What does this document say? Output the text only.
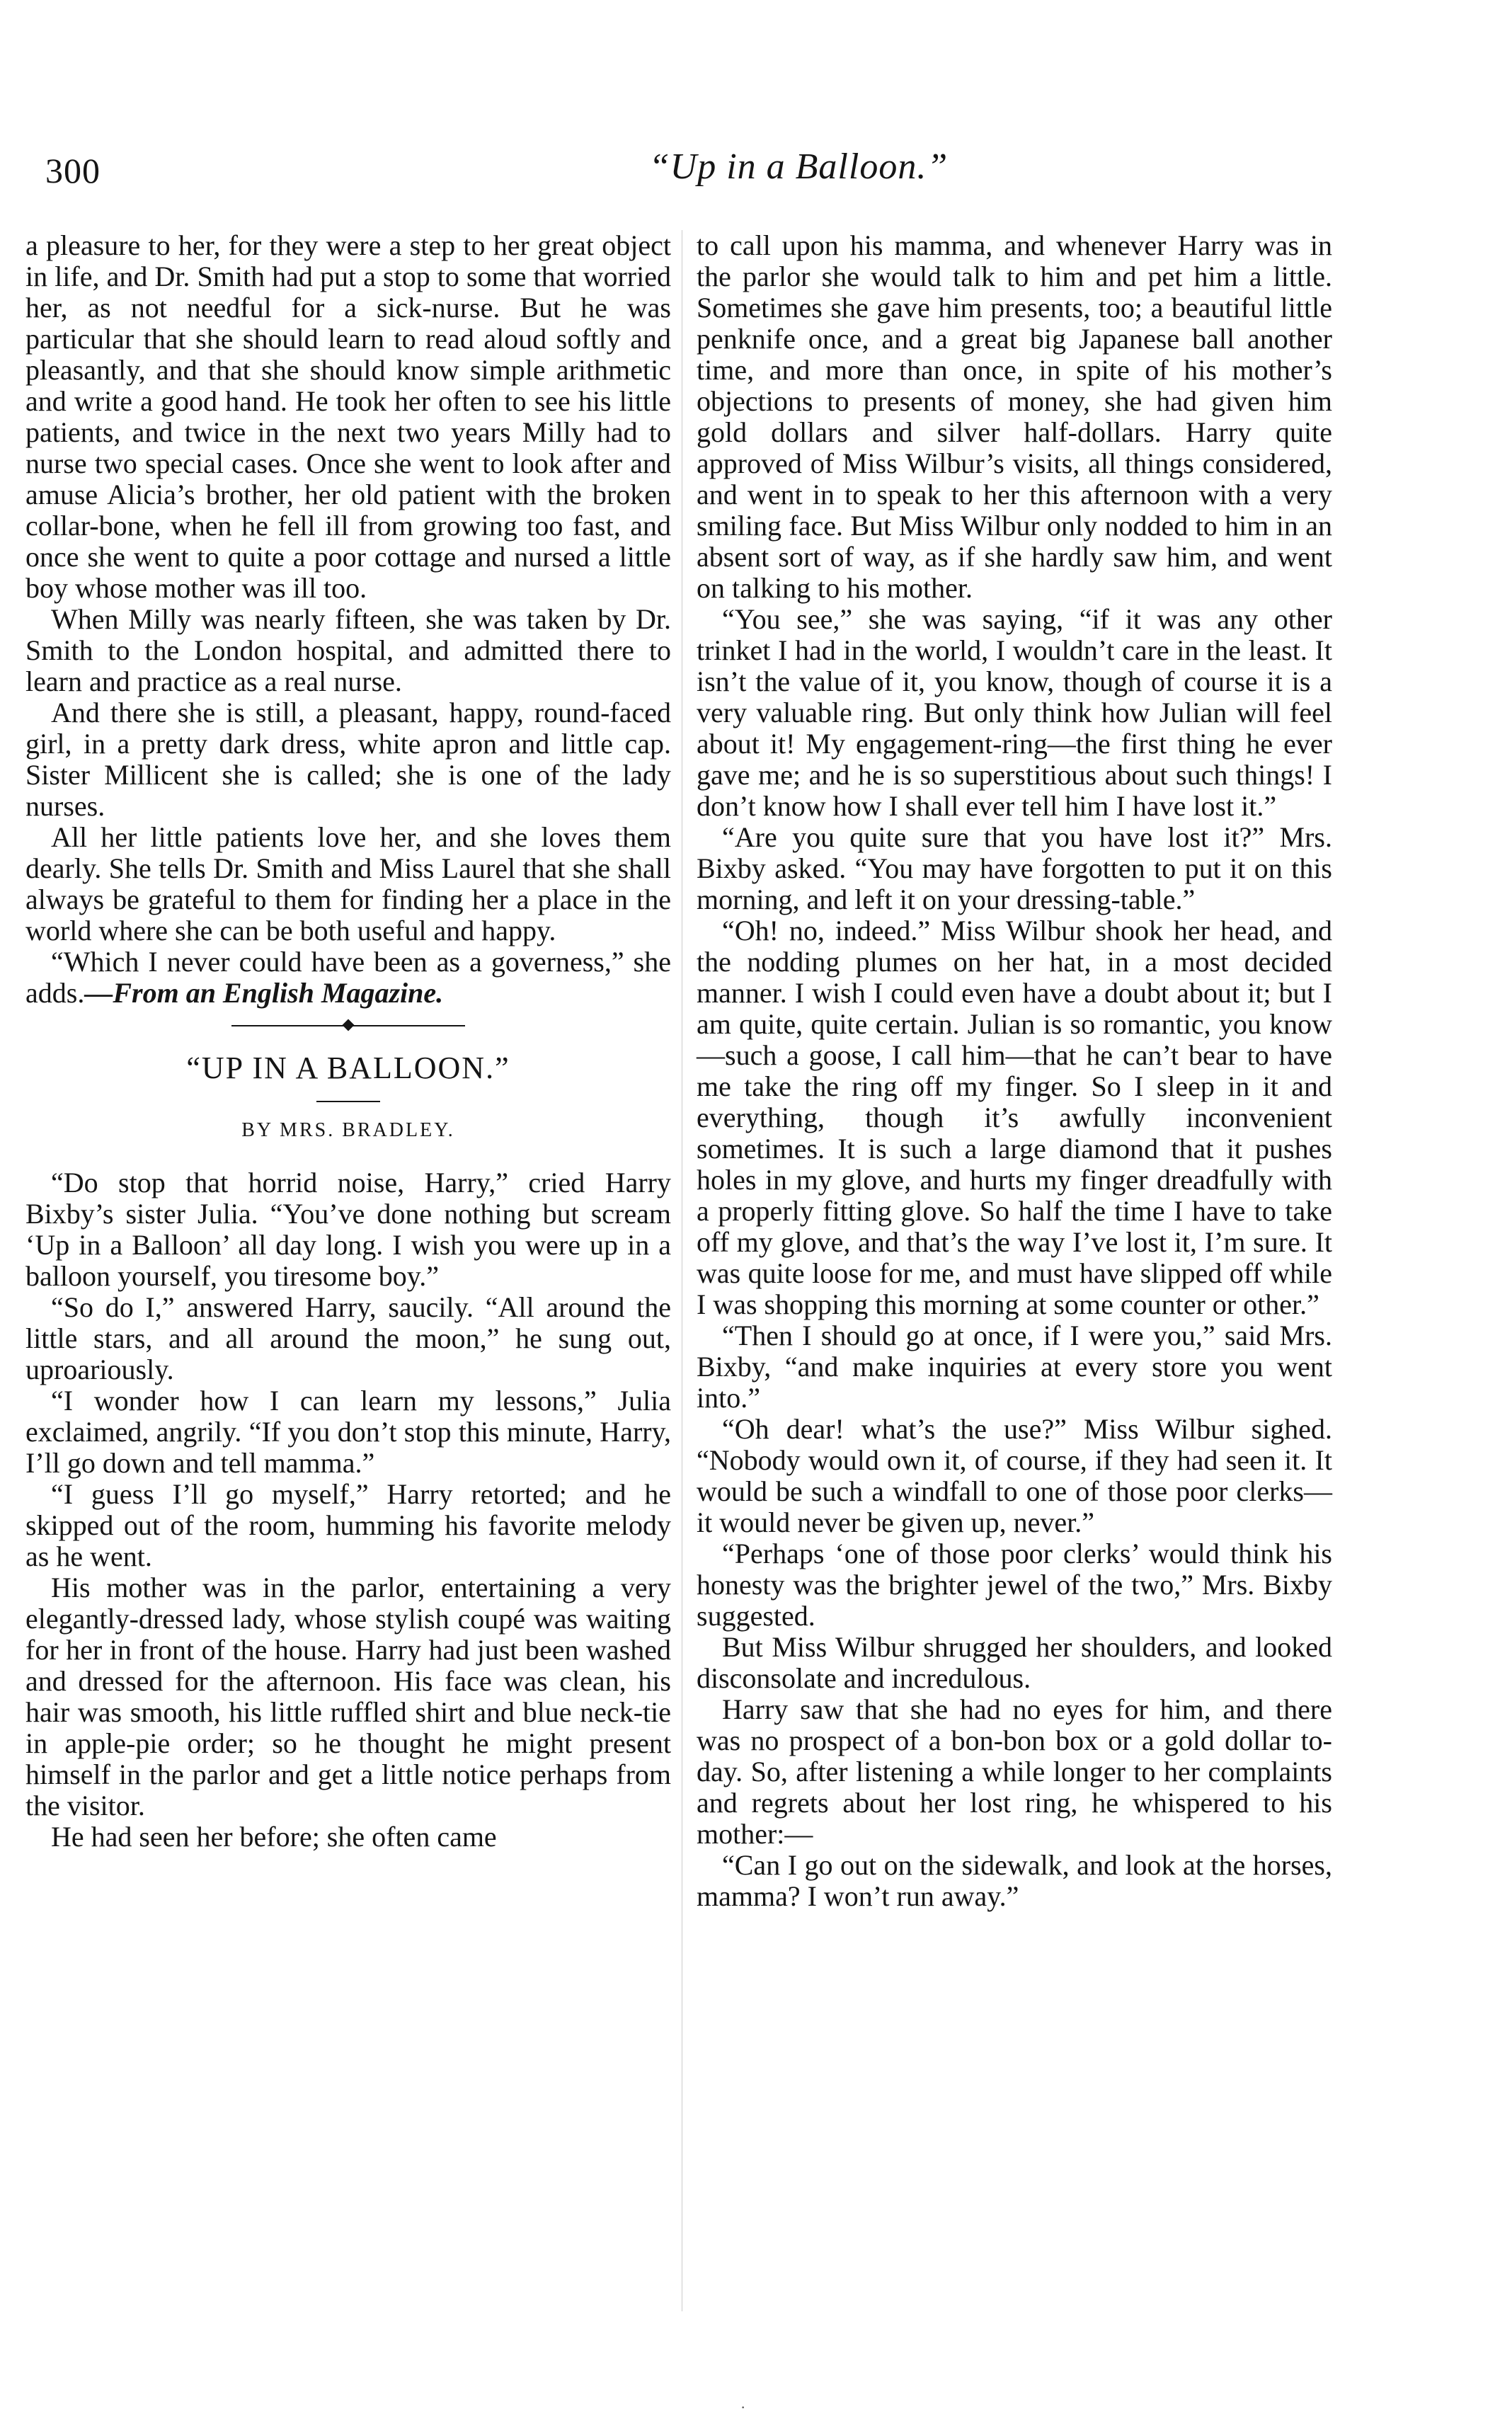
300	“Up in a Balloon.”

a pleasure to her, for they were a step to her great object in life, and Dr. Smith had put a stop to some that worried her, as not needful for a sick-nurse. But he was particular that she should learn to read aloud softly and pleasantly, and that she should know simple arithmetic and write a good hand. He took her often to see his little patients, and twice in the next two years Milly had to nurse two special cases. Once she went to look after and amuse Alicia’s brother, her old patient with the broken collar-bone, when he fell ill from growing too fast, and once she went to quite a poor cottage and nursed a little boy whose mother was ill too.

When Milly was nearly fifteen, she was taken by Dr. Smith to the London hospital, and admitted there to learn and practice as a real nurse.

And there she is still, a pleasant, happy, round-faced girl, in a pretty dark dress, white apron and little cap. Sister Millicent she is called; she is one of the lady nurses.

All her little patients love her, and she loves them dearly. She tells Dr. Smith and Miss Laurel that she shall always be grateful to them for finding her a place in the world where she can be both useful and happy.

“Which I never could have been as a governess,” she adds.—From an English Magazine.

“UP IN A BALLOON.”
BY MRS. BRADLEY.

“Do stop that horrid noise, Harry,” cried Harry Bixby’s sister Julia. “You’ve done nothing but scream ‘Up in a Balloon’ all day long. I wish you were up in a balloon yourself, you tiresome boy.”

“So do I,” answered Harry, saucily. “All around the little stars, and all around the moon,” he sung out, uproariously.

“I wonder how I can learn my lessons,” Julia exclaimed, angrily. “If you don’t stop this minute, Harry, I’ll go down and tell mamma.”

“I guess I’ll go myself,” Harry retorted; and he skipped out of the room, humming his favorite melody as he went.

His mother was in the parlor, entertaining a very elegantly-dressed lady, whose stylish coupé was waiting for her in front of the house. Harry had just been washed and dressed for the afternoon. His face was clean, his hair was smooth, his little ruffled shirt and blue neck-tie in apple-pie order; so he thought he might present himself in the parlor and get a little notice perhaps from the visitor.

He had seen her before; she often came

to call upon his mamma, and whenever Harry was in the parlor she would talk to him and pet him a little. Sometimes she gave him presents, too; a beautiful little penknife once, and a great big Japanese ball another time, and more than once, in spite of his mother’s objections to presents of money, she had given him gold dollars and silver half-dollars. Harry quite approved of Miss Wilbur’s visits, all things considered, and went in to speak to her this afternoon with a very smiling face. But Miss Wilbur only nodded to him in an absent sort of way, as if she hardly saw him, and went on talking to his mother.

“You see,” she was saying, “if it was any other trinket I had in the world, I wouldn’t care in the least. It isn’t the value of it, you know, though of course it is a very valuable ring. But only think how Julian will feel about it! My engagement-ring—the first thing he ever gave me; and he is so superstitious about such things! I don’t know how I shall ever tell him I have lost it.”

“Are you quite sure that you have lost it?” Mrs. Bixby asked. “You may have forgotten to put it on this morning, and left it on your dressing-table.”

“Oh! no, indeed.” Miss Wilbur shook her head, and the nodding plumes on her hat, in a most decided manner. I wish I could even have a doubt about it; but I am quite, quite certain. Julian is so romantic, you know—such a goose, I call him—that he can’t bear to have me take the ring off my finger. So I sleep in it and everything, though it’s awfully inconvenient sometimes. It is such a large diamond that it pushes holes in my glove, and hurts my finger dreadfully with a properly fitting glove. So half the time I have to take off my glove, and that’s the way I’ve lost it, I’m sure. It was quite loose for me, and must have slipped off while I was shopping this morning at some counter or other.”

“Then I should go at once, if I were you,” said Mrs. Bixby, “and make inquiries at every store you went into.”

“Oh dear! what’s the use?” Miss Wilbur sighed. “Nobody would own it, of course, if they had seen it. It would be such a windfall to one of those poor clerks—it would never be given up, never.”

“Perhaps ‘one of those poor clerks’ would think his honesty was the brighter jewel of the two,” Mrs. Bixby suggested.

But Miss Wilbur shrugged her shoulders, and looked disconsolate and incredulous.

Harry saw that she had no eyes for him, and there was no prospect of a bon-bon box or a gold dollar to-day. So, after listening a while longer to her complaints and regrets about her lost ring, he whispered to his mother:—

“Can I go out on the sidewalk, and look at the horses, mamma? I won’t run away.”

·
